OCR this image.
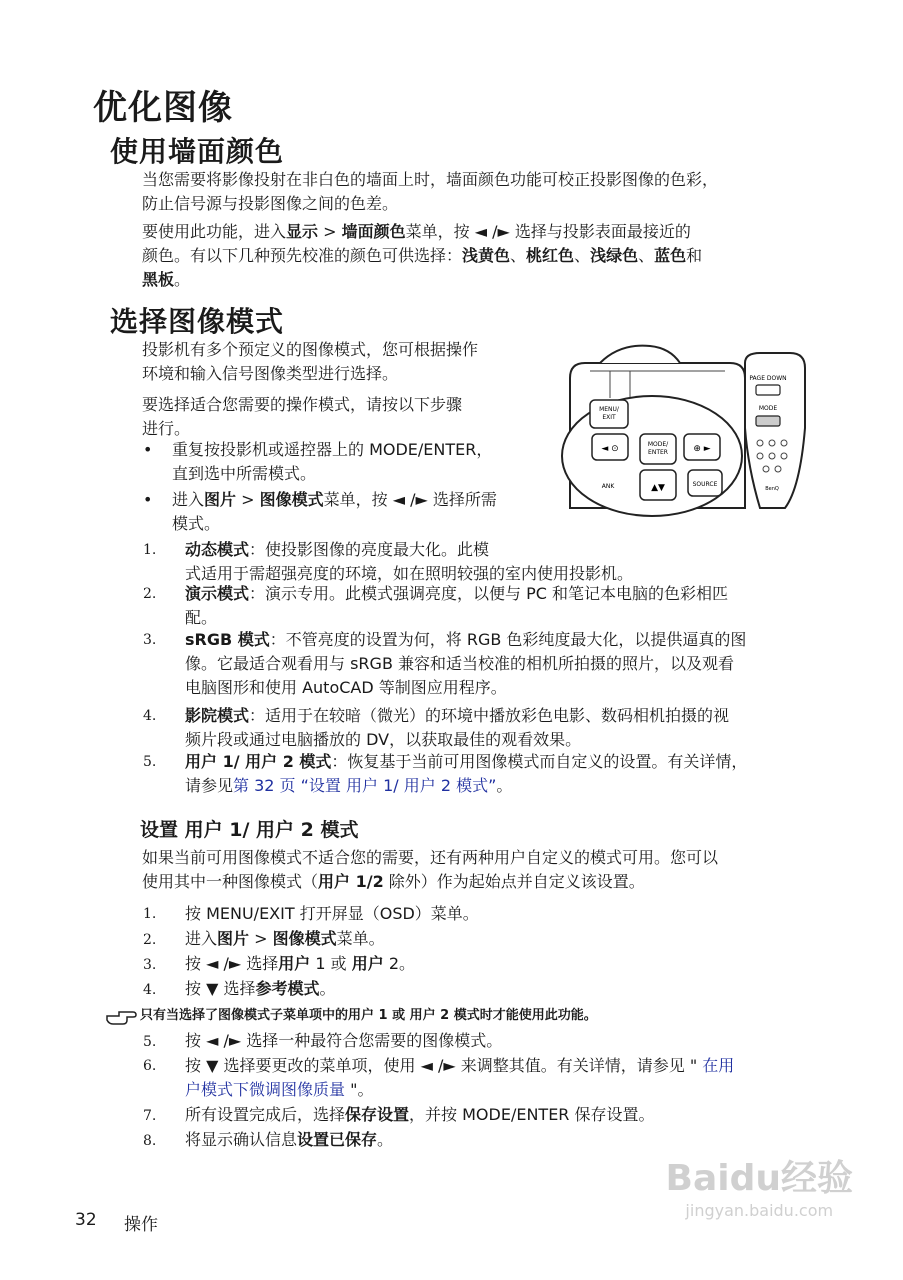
优化图像
使用墙面颜色
当您需要将影像投射在非白色的墙面上时，墙面颜色功能可校正投影图像的色彩，
防止信号源与投影图像之间的色差。
要使用此功能，进入显示 > 墙面颜色菜单，按 ◄ /► 选择与投影表面最接近的
颜色。有以下几种预先校准的颜色可供选择：浅黄色、桃红色、浅绿色、蓝色和
黑板。
选择图像模式
投影机有多个预定义的图像模式，您可根据操作
环境和输入信号图像类型进行选择。
要选择适合您需要的操作模式，请按以下步骤
进行。
• 重复按投影机或遥控器上的 MODE/ENTER，
直到选中所需模式。
• 进入图片 > 图像模式菜单，按 ◄ /► 选择所需
模式。
MENU/
EXIT
◄ ⊙	MODE/
ENTER	⊕ ►
▲▼	SOURCE
ANK
PAGE DOWN
MODE
BenQ
1. 动态模式：使投影图像的亮度最大化。此模
式适用于需超强亮度的环境，如在照明较强的室内使用投影机。
2. 演示模式：演示专用。此模式强调亮度，以便与 PC 和笔记本电脑的色彩相匹
配。
3. sRGB 模式：不管亮度的设置为何，将 RGB 色彩纯度最大化，以提供逼真的图
像。它最适合观看用与 sRGB 兼容和适当校准的相机所拍摄的照片，以及观看
电脑图形和使用 AutoCAD 等制图应用程序。
4. 影院模式：适用于在较暗（微光）的环境中播放彩色电影、数码相机拍摄的视
频片段或通过电脑播放的 DV，以获取最佳的观看效果。
5. 用户 1/ 用户 2 模式：恢复基于当前可用图像模式而自定义的设置。有关详情，
请参见第 32 页 “设置 用户 1/ 用户 2 模式”。
设置 用户 1/ 用户 2 模式
如果当前可用图像模式不适合您的需要，还有两种用户自定义的模式可用。您可以
使用其中一种图像模式（用户 1/2 除外）作为起始点并自定义该设置。
1. 按 MENU/EXIT 打开屏显（OSD）菜单。
2. 进入图片 > 图像模式菜单。
3. 按 ◄ /► 选择用户 1 或 用户 2。
4. 按 ▼ 选择参考模式。
只有当选择了图像模式子菜单项中的用户 1 或 用户 2 模式时才能使用此功能。
5. 按 ◄ /► 选择一种最符合您需要的图像模式。
6. 按 ▼ 选择要更改的菜单项，使用 ◄ /► 来调整其值。有关详情，请参见 " 在用
户模式下微调图像质量 "。
7. 所有设置完成后，选择保存设置，并按 MODE/ENTER 保存设置。
8. 将显示确认信息设置已保存。
32 操作
Baidu经验
jingyan.baidu.com
